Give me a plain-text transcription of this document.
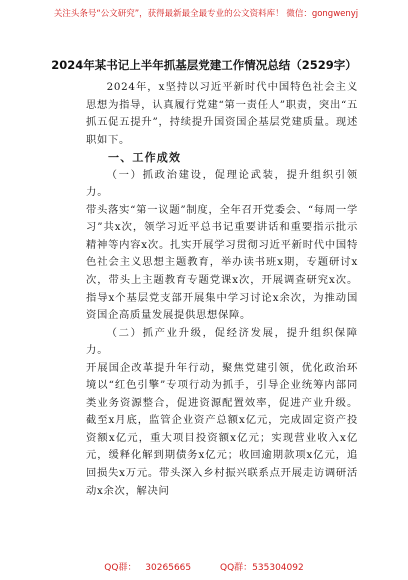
关注头条号“公文研究”，获得最新最全最专业的公文资料库！ 微信：gongwenyj
2024年某书记上半年抓基层党建工作情况总结（2529字）

2024年，x坚持以习近平新时代中国特色社会主义思想为指导，认真履行党建“第一责任人”职责，突出“五抓五促五提升”，持续提升国资国企基层党建质量。现述职如下。

一、工作成效

（一）抓政治建设，促理论武装，提升组织引领力。

带头落实“第一议题”制度，全年召开党委会、“每周一学习”共x次，领学习近平总书记重要讲话和重要指示批示精神等内容x次。扎实开展学习贯彻习近平新时代中国特色社会主义思想主题教育，举办读书班x期，专题研讨x次，带头上主题教育专题党课x次，开展调查研究x次。指导x个基层党支部开展集中学习讨论x余次，为推动国资国企高质量发展提供思想保障。

（二）抓产业升级，促经济发展，提升组织保障力。

开展国企改革提升年行动，聚焦党建引领，优化政治环境以“红色引擎”专项行动为抓手，引导企业统筹内部同类业务资源整合，促进资源配置效率，促进产业升级。截至x月底，监管企业资产总额x亿元，完成固定资产投资额x亿元，重大项目投资额x亿元；实现营业收入x亿元，缓释化解到期债务x亿元；收回逾期款项x亿元，追回损失x万元。带头深入乡村振兴联系点开展走访调研活动x余次，解决问

QQ群： 30265665	QQ群：535304092
